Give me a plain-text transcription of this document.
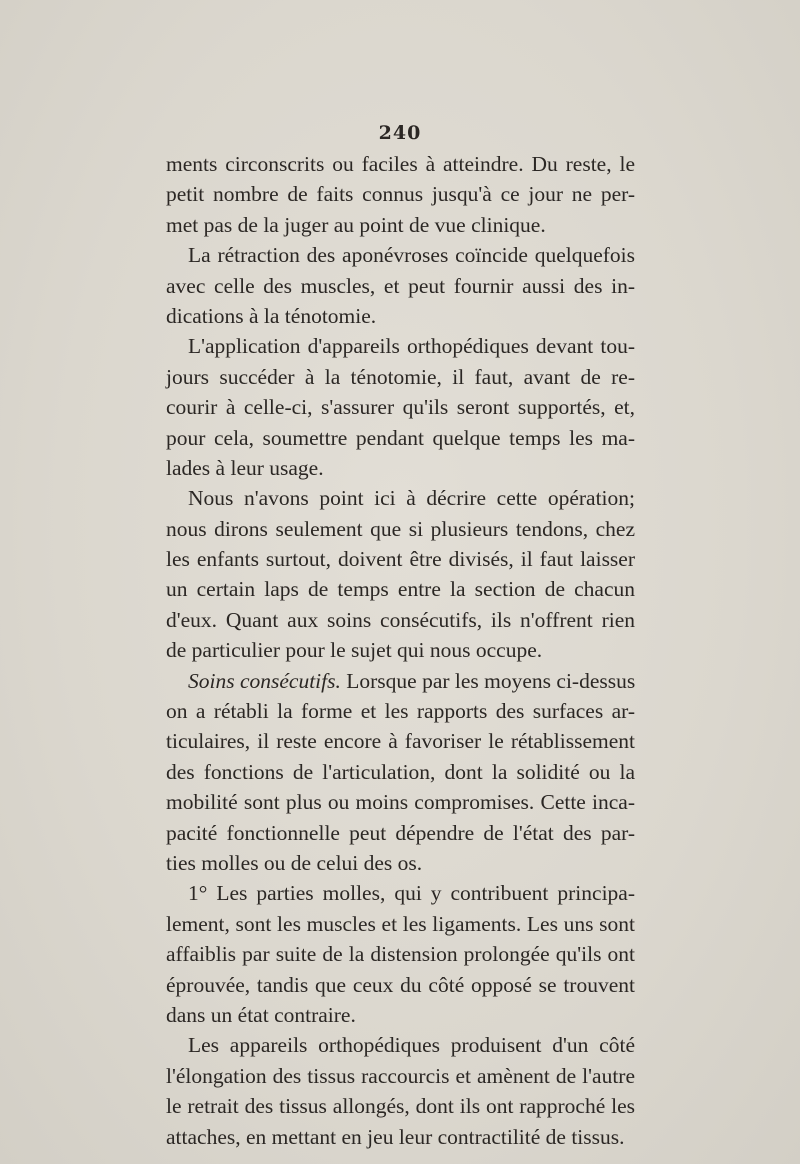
240
ments circonscrits ou faciles à atteindre. Du reste, le
petit nombre de faits connus jusqu'à ce jour ne per-
met pas de la juger au point de vue clinique.
La rétraction des aponévroses coïncide quelquefois
avec celle des muscles, et peut fournir aussi des in-
dications à la ténotomie.
L'application d'appareils orthopédiques devant tou-
jours succéder à la ténotomie, il faut, avant de re-
courir à celle-ci, s'assurer qu'ils seront supportés, et,
pour cela, soumettre pendant quelque temps les ma-
lades à leur usage.
Nous n'avons point ici à décrire cette opération;
nous dirons seulement que si plusieurs tendons, chez
les enfants surtout, doivent être divisés, il faut laisser
un certain laps de temps entre la section de chacun
d'eux. Quant aux soins consécutifs, ils n'offrent rien
de particulier pour le sujet qui nous occupe.
Soins consécutifs. Lorsque par les moyens ci-dessus
on a rétabli la forme et les rapports des surfaces ar-
ticulaires, il reste encore à favoriser le rétablissement
des fonctions de l'articulation, dont la solidité ou la
mobilité sont plus ou moins compromises. Cette inca-
pacité fonctionnelle peut dépendre de l'état des par-
ties molles ou de celui des os.
1° Les parties molles, qui y contribuent principa-
lement, sont les muscles et les ligaments. Les uns sont
affaiblis par suite de la distension prolongée qu'ils ont
éprouvée, tandis que ceux du côté opposé se trouvent
dans un état contraire.
Les appareils orthopédiques produisent d'un côté
l'élongation des tissus raccourcis et amènent de l'autre
le retrait des tissus allongés, dont ils ont rapproché les
attaches, en mettant en jeu leur contractilité de tissus.
